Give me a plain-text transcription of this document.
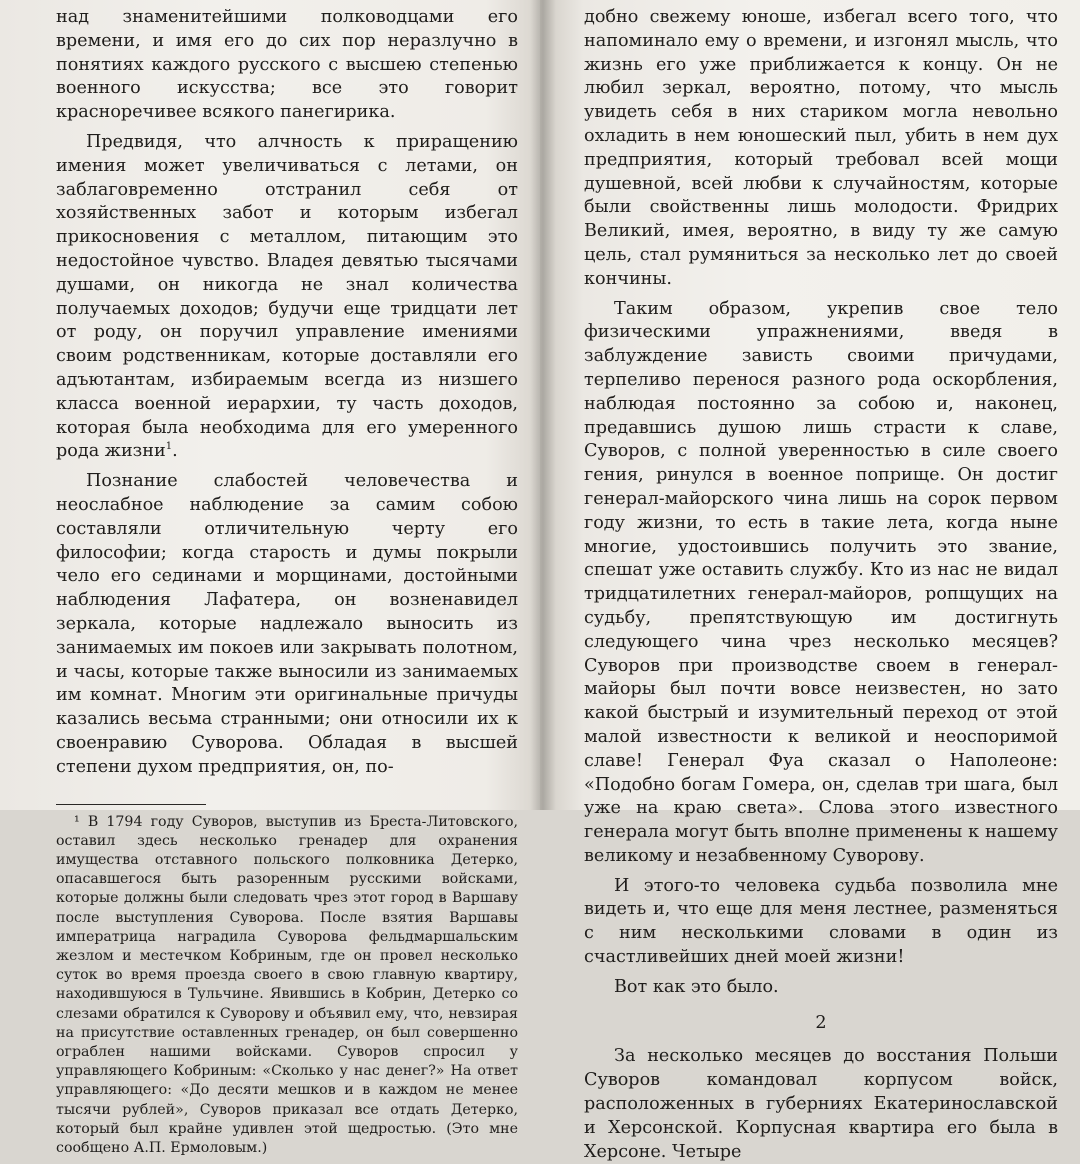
над знаменитейшими полководцами его времени, и имя его до сих пор неразлучно в понятиях каждого русского с высшею степенью военного искусства; все это говорит красноречивее всякого панегирика.

Предвидя, что алчность к приращению имения может увеличиваться с летами, он заблаговременно отстранил себя от хозяйственных забот и которым избегал прикосновения с металлом, питающим это недостойное чувство. Владея девятью тысячами душами, он никогда не знал количества получаемых доходов; будучи еще тридцати лет от роду, он поручил управление имениями своим родственникам, которые доставляли его адъютантам, избираемым всегда из низшего класса военной иерархии, ту часть доходов, которая была необходима для его умеренного рода жизни$^1$.

Познание слабостей человечества и неослабное наблюдение за самим собою составляли отличительную черту его философии; когда старость и думы покрыли чело его сединами и морщинами, достойными наблюдения Лафатера, он возненавидел зеркала, которые надлежало выносить из занимаемых им покоев или закрывать полотном, и часы, которые также выносили из занимаемых им комнат. Многим эти оригинальные причуды казались весьма странными; они относили их к своенравию Суворова. Обладая в высшей степени духом предприятия, он, по-

¹ В 1794 году Суворов, выступив из Бреста-Литовского, оставил здесь несколько гренадер для охранения имущества отставного польского полковника Детерко, опасавшегося быть разоренным русскими войсками, которые должны были следовать чрез этот город в Варшаву после выступления Суворова. После взятия Варшавы императрица наградила Суворова фельдмаршальским жезлом и местечком Кобриным, где он провел несколько суток во время проезда своего в свою главную квартиру, находившуюся в Тульчине. Явившись в Кобрин, Детерко со слезами обратился к Суворову и объявил ему, что, невзирая на присутствие оставленных гренадер, он был совершенно ограблен нашими войсками. Суворов спросил у управляющего Кобриным: «Сколько у нас денег?» На ответ управляющего: «До десяти мешков и в каждом не менее тысячи рублей», Суворов приказал все отдать Детерко, который был крайне удивлен этой щедростью. (Это мне сообщено А.П. Ермоловым.)

добно свежему юноше, избегал всего того, что напоминало ему о времени, и изгонял мысль, что жизнь его уже приближается к концу. Он не любил зеркал, вероятно, потому, что мысль увидеть себя в них стариком могла невольно охладить в нем юношеский пыл, убить в нем дух предприятия, который требовал всей мощи душевной, всей любви к случайностям, которые были свойственны лишь молодости. Фридрих Великий, имея, вероятно, в виду ту же самую цель, стал румяниться за несколько лет до своей кончины.

Таким образом, укрепив свое тело физическими упражнениями, введя в заблуждение зависть своими причудами, терпеливо перенося разного рода оскорбления, наблюдая постоянно за собою и, наконец, предавшись душою лишь страсти к славе, Суворов, с полной уверенностью в силе своего гения, ринулся в военное поприще. Он достиг генерал-майорского чина лишь на сорок первом году жизни, то есть в такие лета, когда ныне многие, удостоившись получить это звание, спешат уже оставить службу. Кто из нас не видал тридцатилетних генерал-майоров, ропщущих на судьбу, препятствующую им достигнуть следующего чина чрез несколько месяцев? Суворов при производстве своем в генерал-майоры был почти вовсе неизвестен, но зато какой быстрый и изумительный переход от этой малой известности к великой и неоспоримой славе! Генерал Фуа сказал о Наполеоне: «Подобно богам Гомера, он, сделав три шага, был уже на краю света». Слова этого известного генерала могут быть вполне применены к нашему великому и незабвенному Суворову.

И этого-то человека судьба позволила мне видеть и, что еще для меня лестнее, разменяться с ним несколькими словами в один из счастливейших дней моей жизни!

Вот как это было.

2

За несколько месяцев до восстания Польши Суворов командовал корпусом войск, расположенных в губерниях Екатеринославской и Херсонской. Корпусная квартира его была в Херсоне. Четыре
